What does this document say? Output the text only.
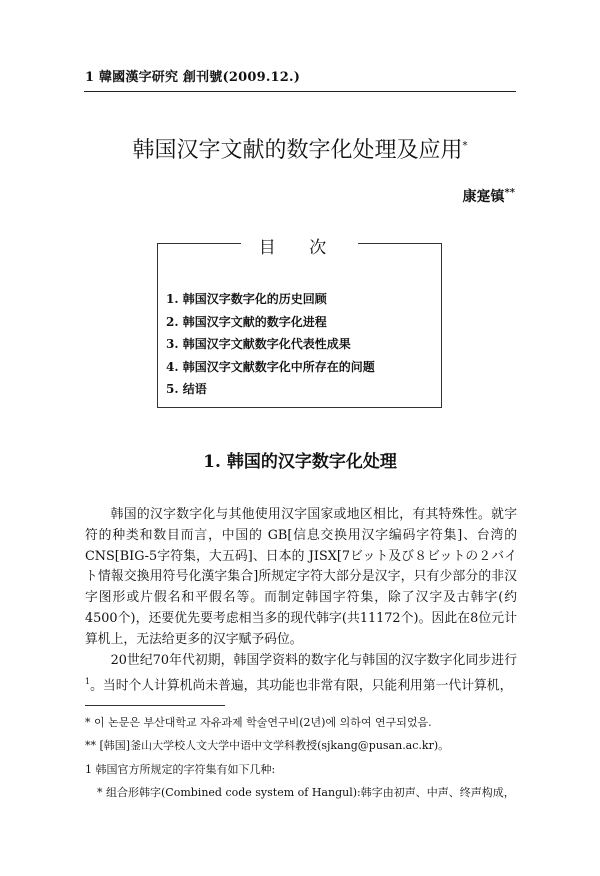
1 韓國漢字研究 創刊號(2009.12.)
韩国汉字文献的数字化处理及应用*
康寔镇**
目 次
1. 韩国汉字数字化的历史回顾
2. 韩国汉字文献的数字化进程
3. 韩国汉字文献数字化代表性成果
4. 韩国汉字文献数字化中所存在的问题
5. 结语
1. 韩国的汉字数字化处理

韩国的汉字数字化与其他使用汉字国家或地区相比，有其特殊性。就字符的种类和数目而言，中国的 GB[信息交换用汉字编码字符集]、台湾的CNS[BIG-5字符集，大五码]、日本的 JISX[7ビット及び８ビットの２バイト情報交換用符号化漢字集合]所规定字符大部分是汉字，只有少部分的非汉字图形或片假名和平假名等。而制定韩国字符集，除了汉字及古韩字(约4500个)，还要优先要考虑相当多的现代韩字(共11172个)。因此在8位元计算机上，无法给更多的汉字赋予码位。

20世纪70年代初期，韩国学资料的数字化与韩国的汉字数字化同步进行$^1$。当时个人计算机尚未普遍，其功能也非常有限，只能利用第一代计算机，

* 이 논문은 부산대학교 자유과제 학술연구비(2년)에 의하여 연구되었음.
** [韩国]釜山大学校人文大学中语中文学科教授(sjkang@pusan.ac.kr)。
1 韩国官方所规定的字符集有如下几种:
* 组合形韩字(Combined code system of Hangul):韩字由初声、中声、终声构成，
